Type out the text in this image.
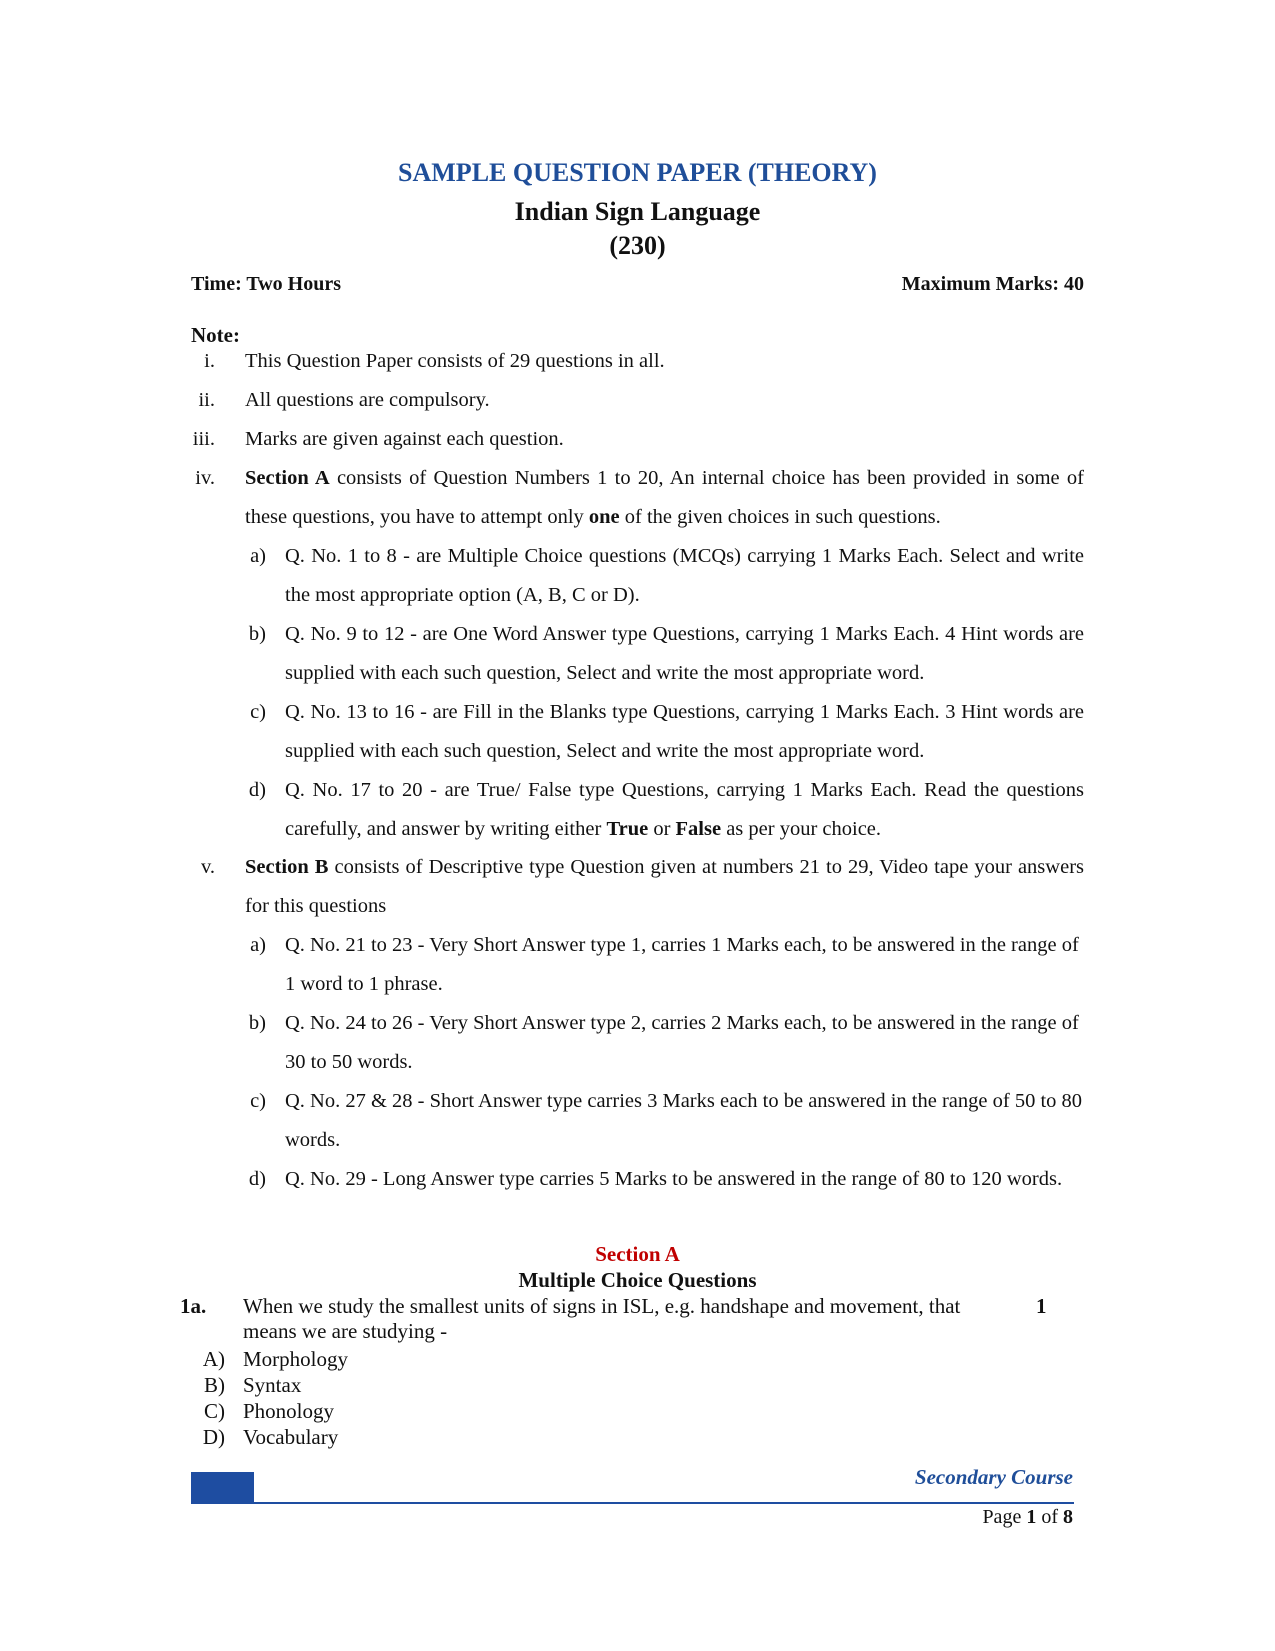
SAMPLE QUESTION PAPER (THEORY)
Indian Sign Language
(230)
Time: Two Hours	Maximum Marks: 40
Note:
i. This Question Paper consists of 29 questions in all.
ii. All questions are compulsory.
iii. Marks are given against each question.
iv. Section A consists of Question Numbers 1 to 20, An internal choice has been provided in some of these questions, you have to attempt only one of the given choices in such questions.
a) Q. No. 1 to 8 - are Multiple Choice questions (MCQs) carrying 1 Marks Each. Select and write the most appropriate option (A, B, C or D).
b) Q. No. 9 to 12 - are One Word Answer type Questions, carrying 1 Marks Each. 4 Hint words are supplied with each such question, Select and write the most appropriate word.
c) Q. No. 13 to 16 - are Fill in the Blanks type Questions, carrying 1 Marks Each. 3 Hint words are supplied with each such question, Select and write the most appropriate word.
d) Q. No. 17 to 20 - are True/ False type Questions, carrying 1 Marks Each. Read the questions carefully, and answer by writing either True or False as per your choice.
v. Section B consists of Descriptive type Question given at numbers 21 to 29, Video tape your answers for this questions
a) Q. No. 21 to 23 - Very Short Answer type 1, carries 1 Marks each, to be answered in the range of 1 word to 1 phrase.
b) Q. No. 24 to 26 - Very Short Answer type 2, carries 2 Marks each, to be answered in the range of 30 to 50 words.
c) Q. No. 27 & 28 - Short Answer type carries 3 Marks each to be answered in the range of 50 to 80 words.
d) Q. No. 29 - Long Answer type carries 5 Marks to be answered in the range of 80 to 120 words.
Section A
Multiple Choice Questions
1a. When we study the smallest units of signs in ISL, e.g. handshape and movement, that means we are studying -
1
A) Morphology
B) Syntax
C) Phonology
D) Vocabulary
Secondary Course
Page 1 of 8
